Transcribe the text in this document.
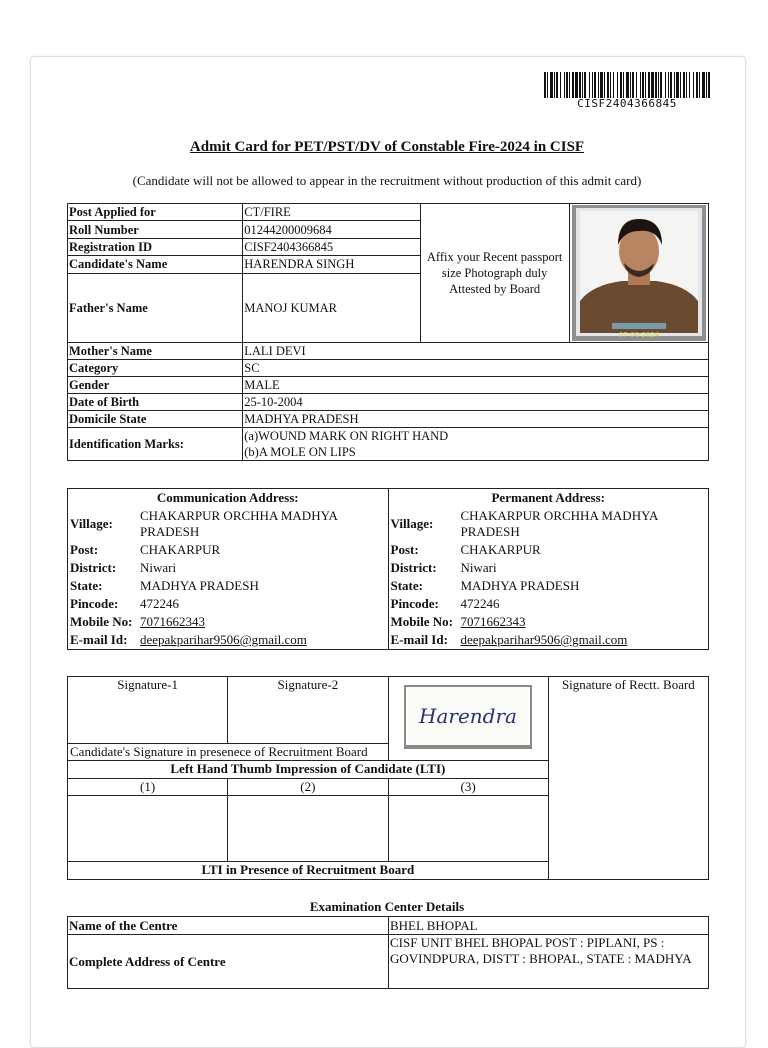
CISF2404366845
Admit Card for PET/PST/DV of Constable Fire-2024 in CISF
(Candidate will not be allowed to appear in the recruitment without production of this admit card)
Post Applied for	CT/FIRE	Affix your Recent passport size Photograph duly Attested by Board	07-06-2024

Roll Number	01244200009684		
Registration ID	CISF2404366845		
Candidate's Name	HARENDRA SINGH		
Father's Name	MANOJ KUMAR		
Mother's Name	LALI DEVI		
Category	SC		
Gender	MALE		
Date of Birth	25-10-2004		
Domicile State	MADHYA PRADESH		
Identification Marks:	(a)WOUND MARK ON RIGHT HAND
(b)A MOLE ON LIPS		
Communication Address:
Village:	CHAKARPUR ORCHHA MADHYA PRADESH
Post:	CHAKARPUR
District:	Niwari
State:	MADHYA PRADESH
Pincode:	472246
Mobile No:	7071662343
E-mail Id:	deepakparihar9506@gmail.com

Permanent Address:
Village:	CHAKARPUR ORCHHA MADHYA PRADESH
Post:	CHAKARPUR
District:	Niwari
State:	MADHYA PRADESH
Pincode:	472246
Mobile No:	7071662343
E-mail Id:	deepakparihar9506@gmail.com
Signature-1	Signature-2	Harendra	Signature of Rectt. Board
Candidate's Signature in presenece of Recruitment Board			
Left Hand Thumb Impression of Candidate (LTI)			
(1)	(2)	(3)	

LTI in Presence of Recruitment Board			
Examination Center Details
Name of the Centre	BHEL BHOPAL
Complete Address of Centre	CISF UNIT BHEL BHOPAL POST : PIPLANI, PS : GOVINDPURA, DISTT : BHOPAL, STATE : MADHYA
